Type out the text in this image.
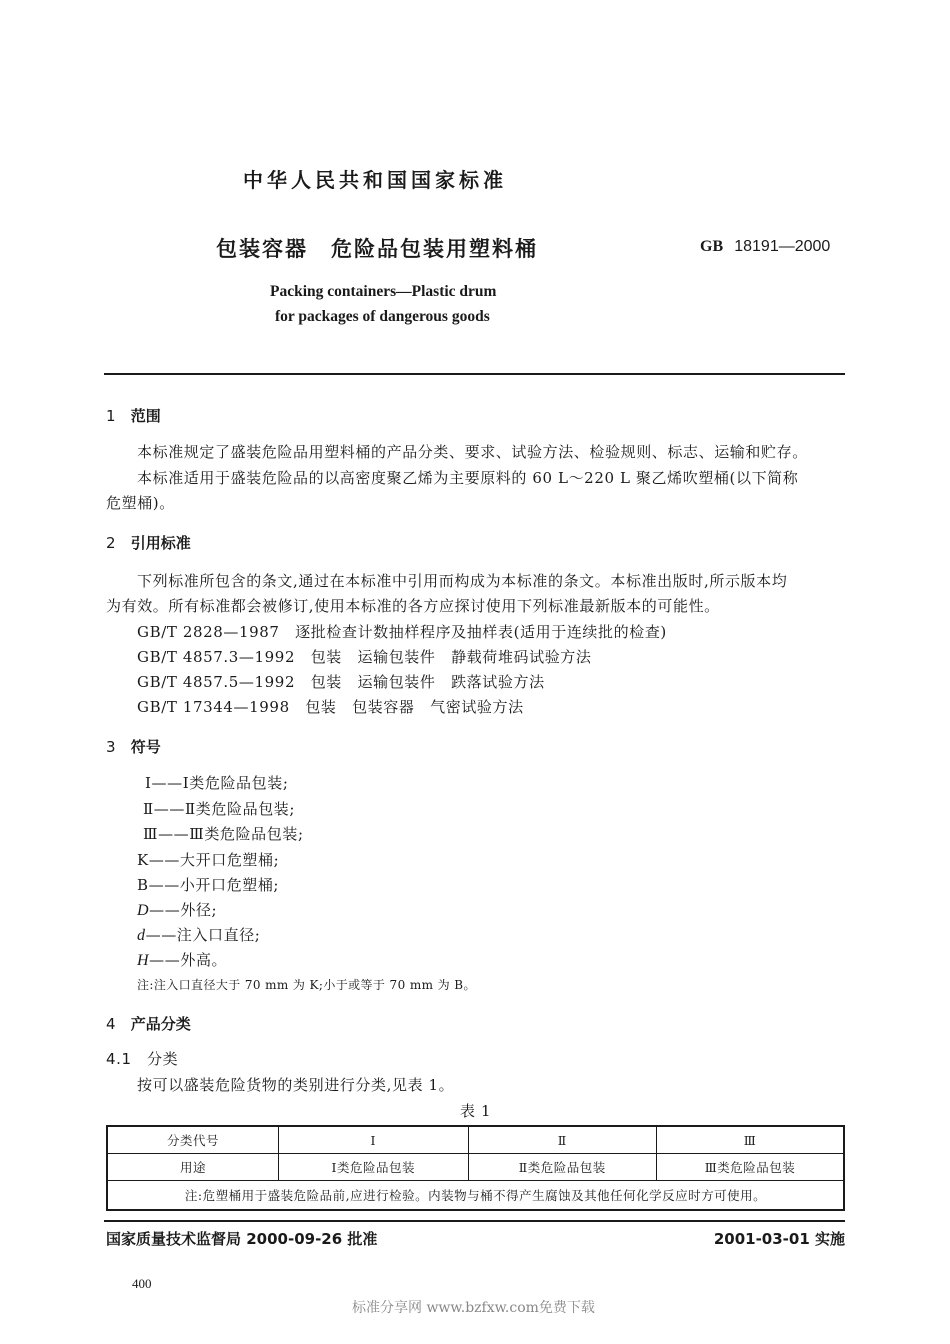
中华人民共和国国家标准
包装容器　危险品包装用塑料桶	GB 18191—2000
Packing containers—Plastic drum
for packages of dangerous goods
1 范围
本标准规定了盛装危险品用塑料桶的产品分类、要求、试验方法、检验规则、标志、运输和贮存。
本标准适用于盛装危险品的以高密度聚乙烯为主要原料的 60 L～220 L 聚乙烯吹塑桶(以下简称
危塑桶)。
2 引用标准
下列标准所包含的条文,通过在本标准中引用而构成为本标准的条文。本标准出版时,所示版本均
为有效。所有标准都会被修订,使用本标准的各方应探讨使用下列标准最新版本的可能性。
GB/T 2828—1987　逐批检查计数抽样程序及抽样表(适用于连续批的检查)
GB/T 4857.3—1992　包装　运输包装件　静载荷堆码试验方法
GB/T 4857.5—1992　包装　运输包装件　跌落试验方法
GB/T 17344—1998　包装　包装容器　气密试验方法
3 符号
Ⅰ——Ⅰ类危险品包装;
Ⅱ——Ⅱ类危险品包装;
Ⅲ——Ⅲ类危险品包装;
K——大开口危塑桶;
B——小开口危塑桶;
D——外径;
d——注入口直径;
H——外高。
注:注入口直径大于 70 mm 为 K;小于或等于 70 mm 为 B。
4 产品分类
4.1 分类
按可以盛装危险货物的类别进行分类,见表 1。
表 1
分类代号	Ⅰ	Ⅱ	Ⅲ
用途	Ⅰ类危险品包装	Ⅱ类危险品包装	Ⅲ类危险品包装
注:危塑桶用于盛装危险品前,应进行检验。内装物与桶不得产生腐蚀及其他任何化学反应时方可使用。			
国家质量技术监督局 2000-09-26 批准	2001-03-01 实施
400
标准分享网 www.bzfxw.com免费下载
